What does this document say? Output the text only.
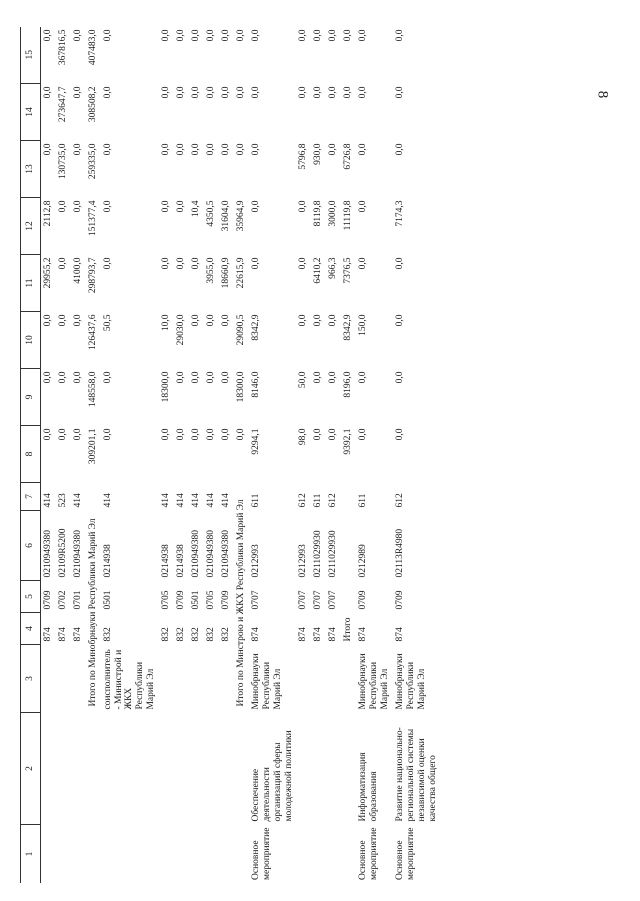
8
1	2	3	4	5	6	7	8	9	10	11	12	13	14	15
			874	0709	0210949380	414	0,0	0,0	0,0	29955,2	2112,8	0,0	0,0	0,0
			874	0702	02109R5200	523	0,0	0,0	0,0	0,0	0,0	130735,0	273647,7	367816,5
			874	0701	0210949380	414	0,0	0,0	0,0	4100,0	0,0	0,0	0,0	0,0
		Итого по Минобрнауки Республики Марий Эл					309201,1	148558,0	126437,6	298793,7	151377,4	259335,0	308508,2	407483,0
		соисполнитель - Министрой и ЖКХ Республики Марий Эл	832	0501	0214938	414	0,0	0,0	50,5	0,0	0,0	0,0	0,0	0,0
			832	0705	0214938	414	0,0	18300,0	10,0	0,0	0,0	0,0	0,0	0,0
			832	0709	0214938	414	0,0	0,0	29030,0	0,0	0,0	0,0	0,0	0,0
			832	0501	0210949380	414	0,0	0,0	0,0	0,0	10,4	0,0	0,0	0,0
			832	0705	0210949380	414	0,0	0,0	0,0	3955,0	4350,5	0,0	0,0	0,0
			832	0709	0210949380	414	0,0	0,0	0,0	18660,9	31604,0	0,0	0,0	0,0
		Итого по Минстрою и ЖКХ Республики Марий Эл					0,0	18300,0	29090,5	22615,9	35964,9	0,0	0,0	0,0
Основное мероприятие	Обеспечение деятельности организаций сферы молодежной политики	Минобрнауки Республики Марий Эл	874	0707	0212993	611	9294,1	8146,0	8342,9	0,0	0,0	0,0	0,0	0,0
			874	0707	0212993	612	98,0	50,0	0,0	0,0	0,0	5796,8	0,0	0,0
			874	0707	0211029930	611	0,0	0,0	0,0	6410,2	8119,8	930,0	0,0	0,0
			874	0707	0211029930	612	0,0	0,0	0,0	966,3	3000,0	0,0	0,0	0,0
			Итого				9392,1	8196,0	8342,9	7376,5	11119,8	6726,8	0,0	0,0
Основное мероприятие	Информатизация образования	Минобрнауки Республики Марий Эл	874	0709	0212989	611	0,0	0,0	150,0	0,0	0,0	0,0	0,0	0,0
Основное мероприятие	Развитие национально-региональной системы независимой оценки качества общего	Минобрнауки Республики Марий Эл	874	0709	02113R4980	612	0,0	0,0	0,0	0,0	7174,3	0,0	0,0	0,0
